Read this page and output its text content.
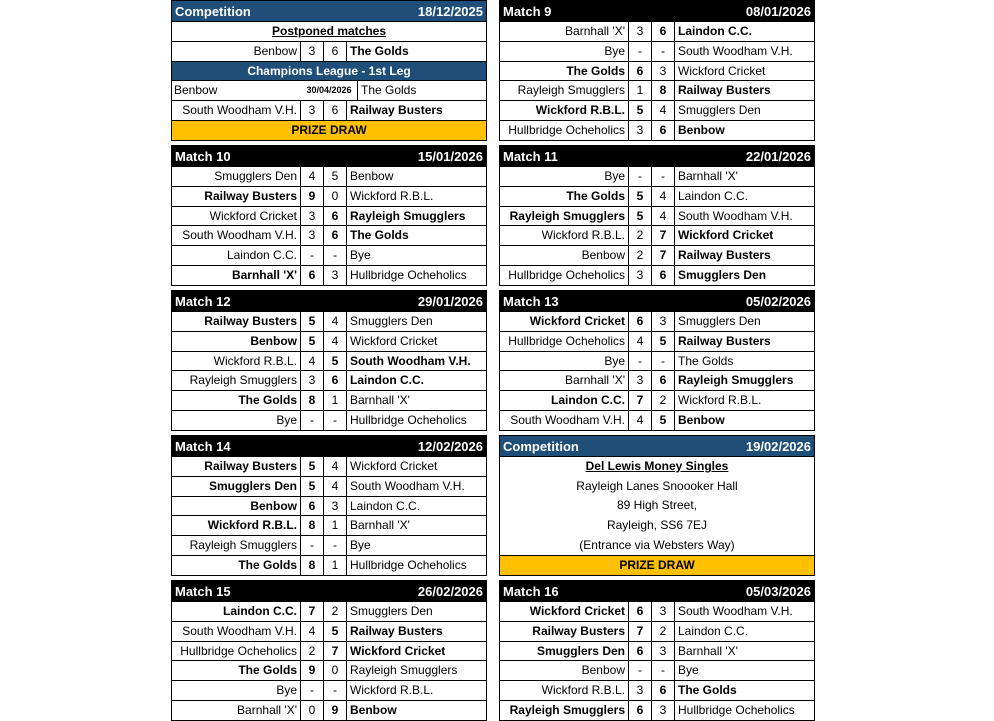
Competition	18/12/2025
Postponed matches
Benbow 3	6 The Golds
Champions League - 1st Leg
Benbow	30/04/2026 The Golds
South Woodham V.H. 3	6 Railway Busters
PRIZE DRAW
Competition	19/02/2026
Del Lewis Money Singles
Rayleigh Lanes Snoooker Hall
89 High Street,
Rayleigh, SS6 7EJ
(Entrance via Websters Way)
PRIZE DRAW
Match 9	08/01/2026
Barnhall 'X' 3	6 Laindon C.C.
Bye	-	-	South Woodham V.H.
The Golds 6	3 Wickford Cricket
Rayleigh Smugglers 1	8 Railway Busters
Wickford R.B.L. 5	4 Smugglers Den
Hullbridge Ocheholics 3	6 Benbow
Match 10	15/01/2026
Smugglers Den 4	5 Benbow
Railway Busters 9	0 Wickford R.B.L.
Wickford Cricket 3	6 Rayleigh Smugglers
South Woodham V.H. 3	6 The Golds
Laindon C.C.	-	-	Bye
Barnhall 'X' 6	3 Hullbridge Ocheholics
Match 11	22/01/2026
Bye	-	-	Barnhall 'X'
The Golds 5	4 Laindon C.C.
Rayleigh Smugglers 5	4 South Woodham V.H.
Wickford R.B.L. 2	7 Wickford Cricket
Benbow 2	7 Railway Busters
Hullbridge Ocheholics 3	6 Smugglers Den
Match 12	29/01/2026
Railway Busters 5	4 Smugglers Den
Benbow 5	4 Wickford Cricket
Wickford R.B.L. 4	5 South Woodham V.H.
Rayleigh Smugglers 3	6 Laindon C.C.
The Golds 8	1 Barnhall 'X'
Bye	-	-	Hullbridge Ocheholics
Match 13	05/02/2026
Wickford Cricket 6	3 Smugglers Den
Hullbridge Ocheholics 4	5 Railway Busters
Bye	-	-	The Golds
Barnhall 'X' 3	6 Rayleigh Smugglers
Laindon C.C. 7	2 Wickford R.B.L.
South Woodham V.H. 4	5 Benbow
Match 14	12/02/2026
Railway Busters 5	4 Wickford Cricket
Smugglers Den 5	4 South Woodham V.H.
Benbow 6	3 Laindon C.C.
Wickford R.B.L. 8	1 Barnhall 'X'
Rayleigh Smugglers	-	-	Bye
The Golds 8	1 Hullbridge Ocheholics
Match 15	26/02/2026
Laindon C.C. 7	2 Smugglers Den
South Woodham V.H. 4	5 Railway Busters
Hullbridge Ocheholics 2	7 Wickford Cricket
The Golds 9	0 Rayleigh Smugglers
Bye	-	-	Wickford R.B.L.
Barnhall 'X' 0	9 Benbow
Match 16	05/03/2026
Wickford Cricket 6	3 South Woodham V.H.
Railway Busters 7	2 Laindon C.C.
Smugglers Den 6	3 Barnhall 'X'
Benbow	-	-	Bye
Wickford R.B.L. 3	6 The Golds
Rayleigh Smugglers 6	3 Hullbridge Ocheholics
